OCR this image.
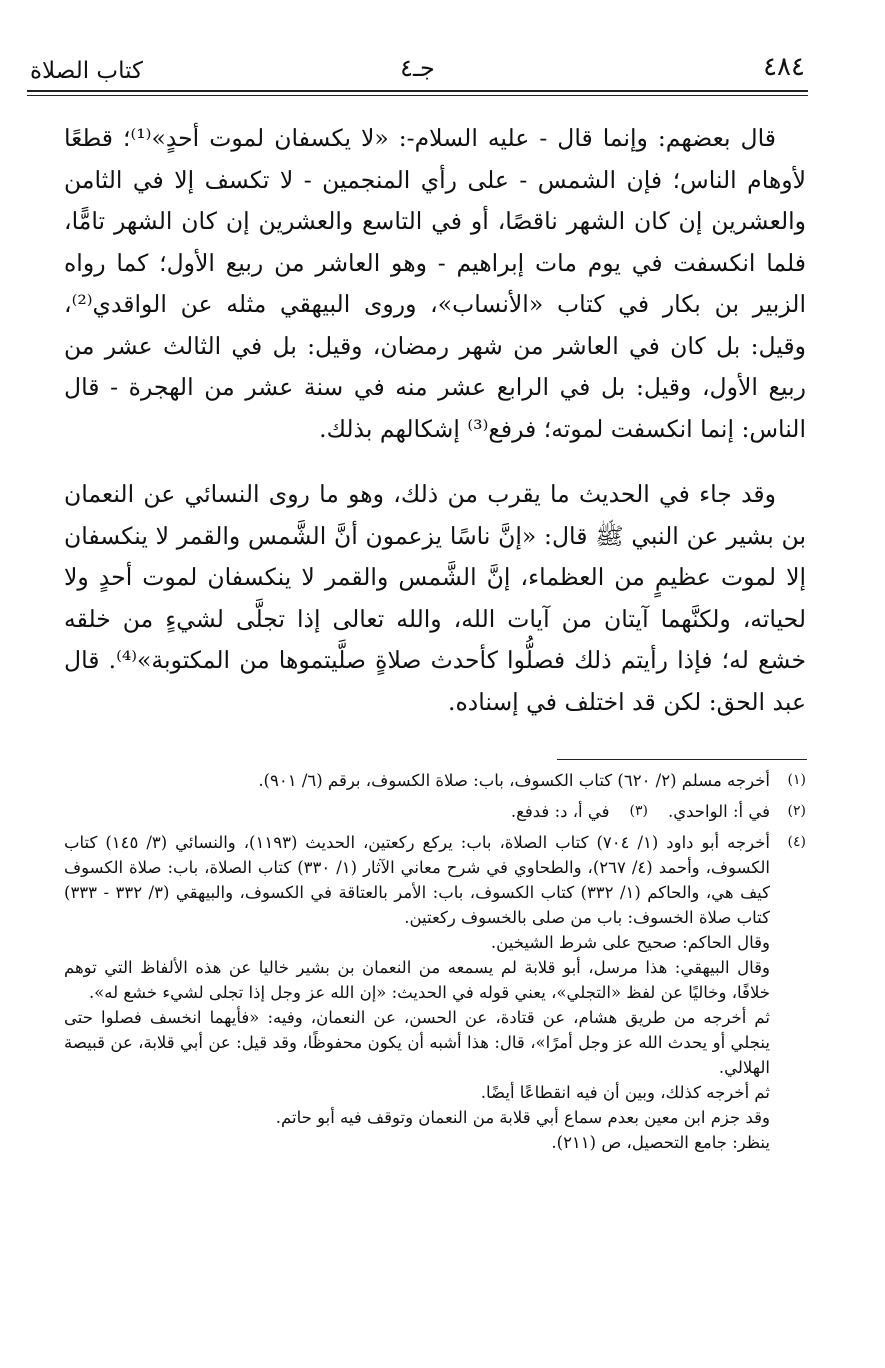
٤٨٤
جـ٤
كتاب الصلاة
قال بعضهم: وإنما قال - عليه السلام-: «لا يكسفان لموت أحدٍ»⁽¹⁾؛ قطعًا لأوهام الناس؛ فإن الشمس - على رأي المنجمين - لا تكسف إلا في الثامن والعشرين إن كان الشهر ناقصًا، أو في التاسع والعشرين إن كان الشهر تامًّا، فلما انكسفت في يوم مات إبراهيم - وهو العاشر من ربيع الأول؛ كما رواه الزبير بن بكار في كتاب «الأنساب»، وروى البيهقي مثله عن الواقدي⁽²⁾، وقيل: بل كان في العاشر من شهر رمضان، وقيل: بل في الثالث عشر من ربيع الأول، وقيل: بل في الرابع عشر منه في سنة عشر من الهجرة - قال الناس: إنما انكسفت لموته؛ فرفع⁽³⁾ إشكالهم بذلك.
وقد جاء في الحديث ما يقرب من ذلك، وهو ما روى النسائي عن النعمان بن بشير عن النبي ﷺ قال: «إنَّ ناسًا يزعمون أنَّ الشَّمس والقمر لا ينكسفان إلا لموت عظيمٍ من العظماء، إنَّ الشَّمس والقمر لا ينكسفان لموت أحدٍ ولا لحياته، ولكنَّهما آيتان من آيات الله، والله تعالى إذا تجلَّى لشيءٍ من خلقه خشع له؛ فإذا رأيتم ذلك فصلُّوا كأحدث صلاةٍ صلَّيتموها من المكتوبة»⁽⁴⁾. قال عبد الحق: لكن قد اختلف في إسناده.
(١)
أخرجه مسلم (٢/ ٦٢٠) كتاب الكسوف، باب: صلاة الكسوف، برقم (٦/ ٩٠١).
(٢)
في أ: الواحدي.
(٣)
في أ، د: فدفع.
(٤)
أخرجه أبو داود (١/ ٧٠٤) كتاب الصلاة، باب: يركع ركعتين، الحديث (١١٩٣)، والنسائي (٣/ ١٤٥) كتاب الكسوف، وأحمد (٤/ ٢٦٧)، والطحاوي في شرح معاني الآثار (١/ ٣٣٠) كتاب الصلاة، باب: صلاة الكسوف كيف هي، والحاكم (١/ ٣٣٢) كتاب الكسوف، باب: الأمر بالعتاقة في الكسوف، والبيهقي (٣/ ٣٣٢ - ٣٣٣) كتاب صلاة الخسوف: باب من صلى بالخسوف ركعتين.
وقال الحاكم: صحيح على شرط الشيخين.
وقال البيهقي: هذا مرسل، أبو قلابة لم يسمعه من النعمان بن بشير خاليا عن هذه الألفاظ التي توهم خلافًا، وخاليًا عن لفظ «التجلي»، يعني قوله في الحديث: «إن الله عز وجل إذا تجلى لشيء خشع له».
ثم أخرجه من طريق هشام، عن قتادة، عن الحسن، عن النعمان، وفيه: «فأيهما انخسف فصلوا حتى ينجلي أو يحدث الله عز وجل أمرًا»، قال: هذا أشبه أن يكون محفوظًا، وقد قيل: عن أبي قلابة، عن قبيصة الهلالي.
ثم أخرجه كذلك، وبين أن فيه انقطاعًا أيضًا.
وقد جزم ابن معين بعدم سماع أبي قلابة من النعمان وتوقف فيه أبو حاتم.
ينظر: جامع التحصيل، ص (٢١١).
